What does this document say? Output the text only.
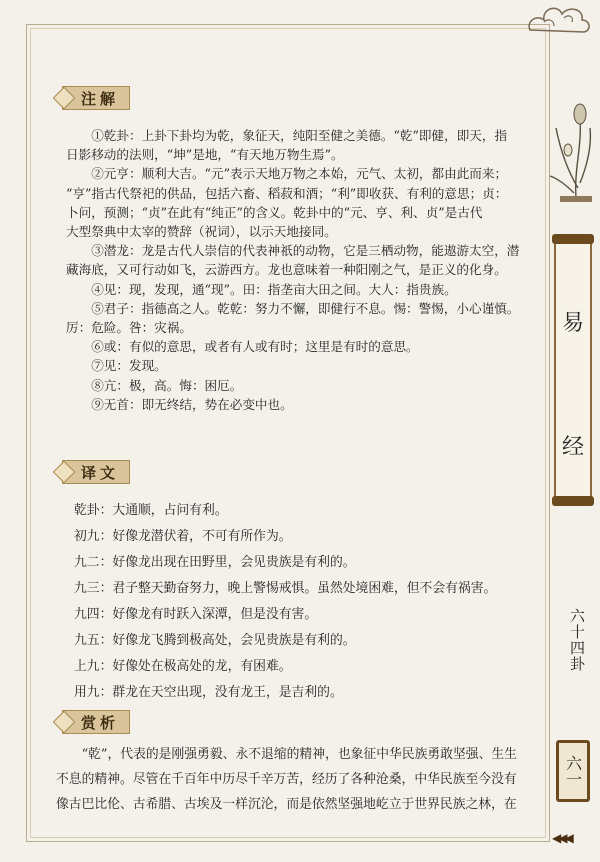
易
经
六十四卦
六一
◀◀◀
注解
①乾卦：上卦下卦均为乾，象征天，纯阳至健之美德。“乾”即健，即天，指
日影移动的法则，“坤”是地，“有天地万物生焉”。
②元亨：顺利大吉。“元”表示天地万物之本始，元气、太初，都由此而来；
“亨”指古代祭祀的供品，包括六畜、稻菽和酒；“利”即收获、有利的意思；贞：
卜问，预测；“贞”在此有“纯正”的含义。乾卦中的“元、亨、利、贞”是古代
大型祭典中太宰的赞辞（祝词），以示天地接同。
③潜龙：龙是古代人崇信的代表神祇的动物，它是三栖动物，能遨游太空，潜
藏海底，又可行动如飞，云游西方。龙也意味着一种阳刚之气，是正义的化身。
④见：现，发现，通“现”。田：指垄亩大田之间。大人：指贵族。
⑤君子：指德高之人。乾乾：努力不懈，即健行不息。惕：警惕，小心谨慎。
厉：危险。咎：灾祸。
⑥或：有似的意思，或者有人或有时；这里是有时的意思。
⑦见：发现。
⑧亢：极，高。悔：困厄。
⑨无首：即无终结，势在必变中也。
译文
乾卦：大通顺，占问有利。
初九：好像龙潜伏着，不可有所作为。
九二：好像龙出现在田野里，会见贵族是有利的。
九三：君子整天勤奋努力，晚上警惕戒惧。虽然处境困难，但不会有祸害。
九四：好像龙有时跃入深潭，但是没有害。
九五：好像龙飞腾到极高处，会见贵族是有利的。
上九：好像处在极高处的龙，有困难。
用九：群龙在天空出现，没有龙王，是吉利的。
赏析
“乾”，代表的是刚强勇毅、永不退缩的精神，也象征中华民族勇敢坚强、生生
不息的精神。尽管在千百年中历尽千辛万苦，经历了各种沧桑，中华民族至今没有
像古巴比伦、古希腊、古埃及一样沉沦，而是依然坚强地屹立于世界民族之林，在
